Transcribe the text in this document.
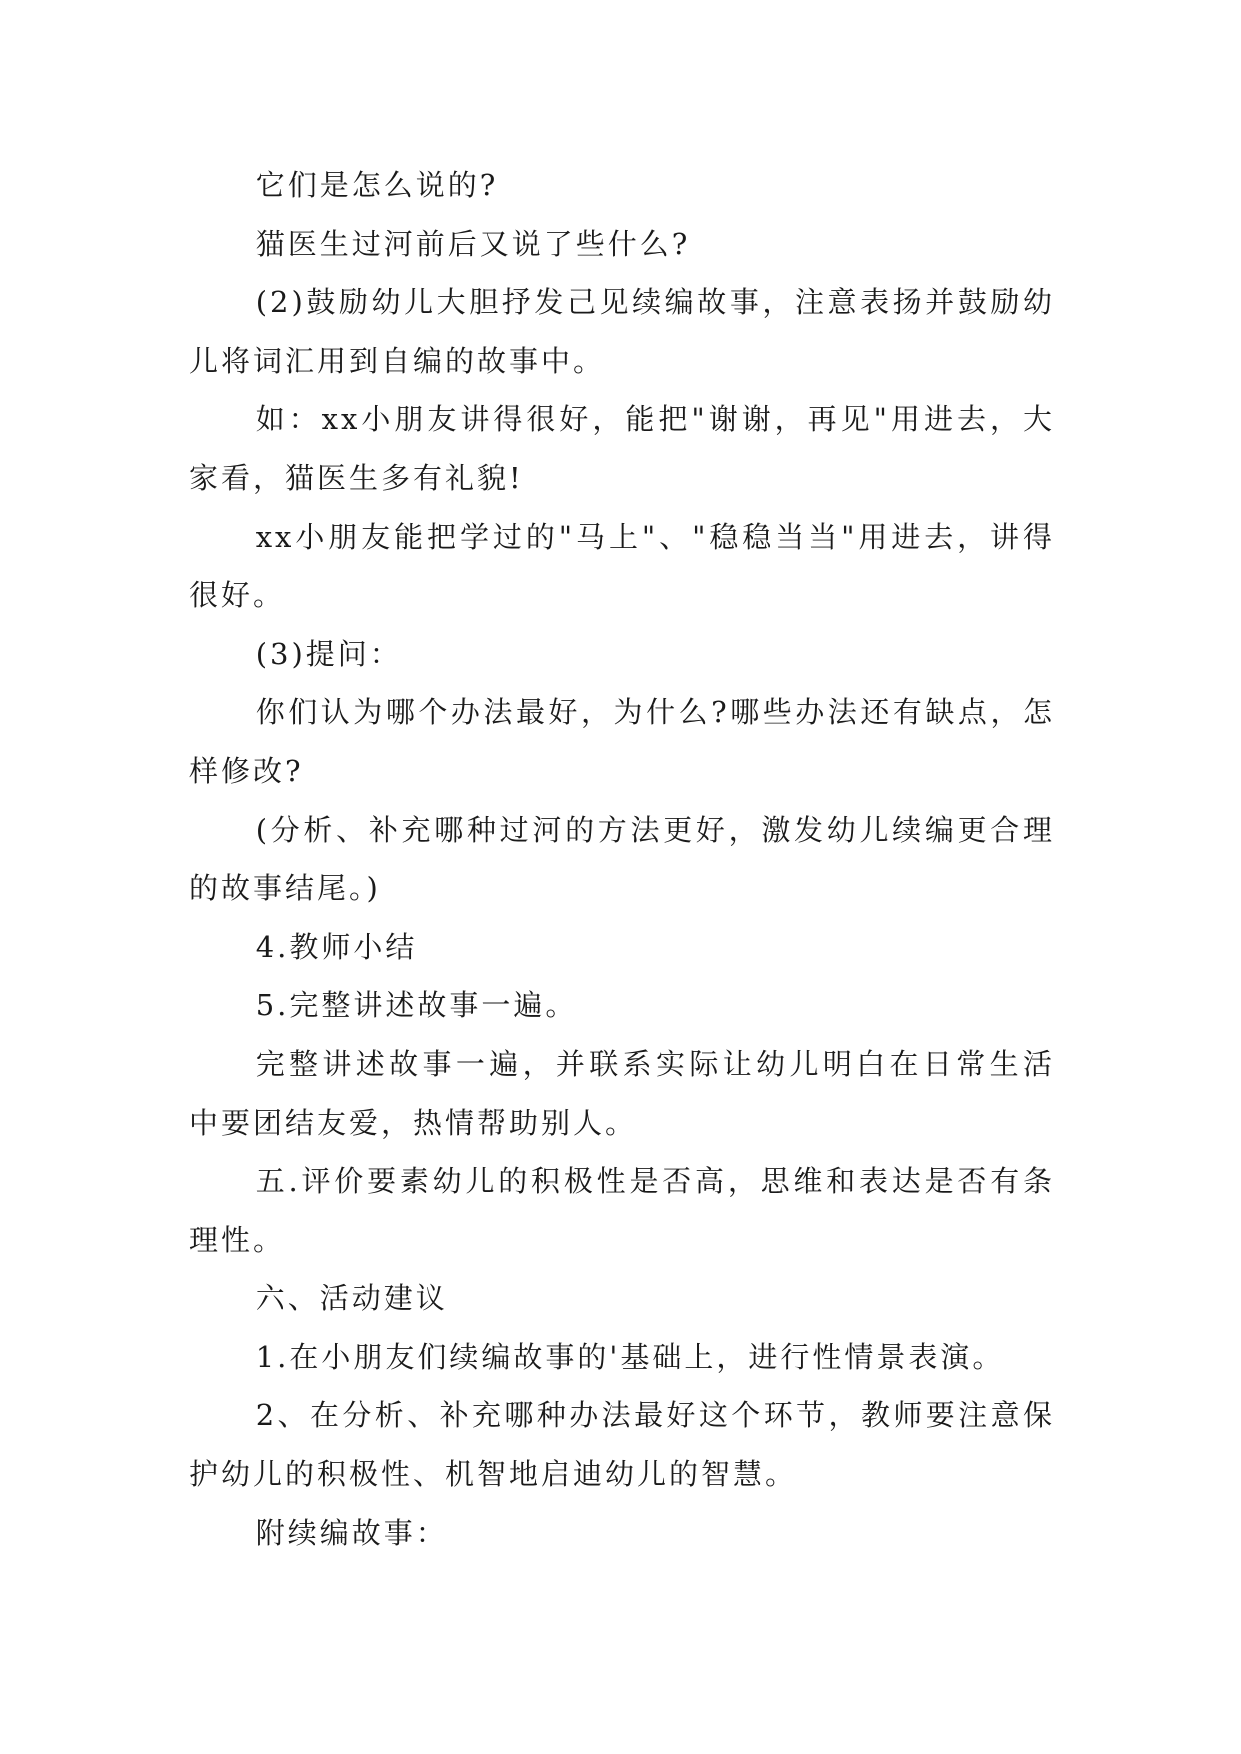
它们是怎么说的?

猫医生过河前后又说了些什么?

(2)鼓励幼儿大胆抒发己见续编故事，注意表扬并鼓励幼儿将词汇用到自编的故事中。

如：xx小朋友讲得很好，能把"谢谢，再见"用进去，大家看，猫医生多有礼貌!

xx小朋友能把学过的"马上"、"稳稳当当"用进去，讲得很好。

(3)提问：

你们认为哪个办法最好，为什么?哪些办法还有缺点，怎样修改?

(分析、补充哪种过河的方法更好，激发幼儿续编更合理的故事结尾。)

4.教师小结

5.完整讲述故事一遍。

完整讲述故事一遍，并联系实际让幼儿明白在日常生活中要团结友爱，热情帮助别人。

五.评价要素幼儿的积极性是否高，思维和表达是否有条理性。

六、活动建议

1.在小朋友们续编故事的'基础上，进行性情景表演。

2、在分析、补充哪种办法最好这个环节，教师要注意保护幼儿的积极性、机智地启迪幼儿的智慧。

附续编故事：
